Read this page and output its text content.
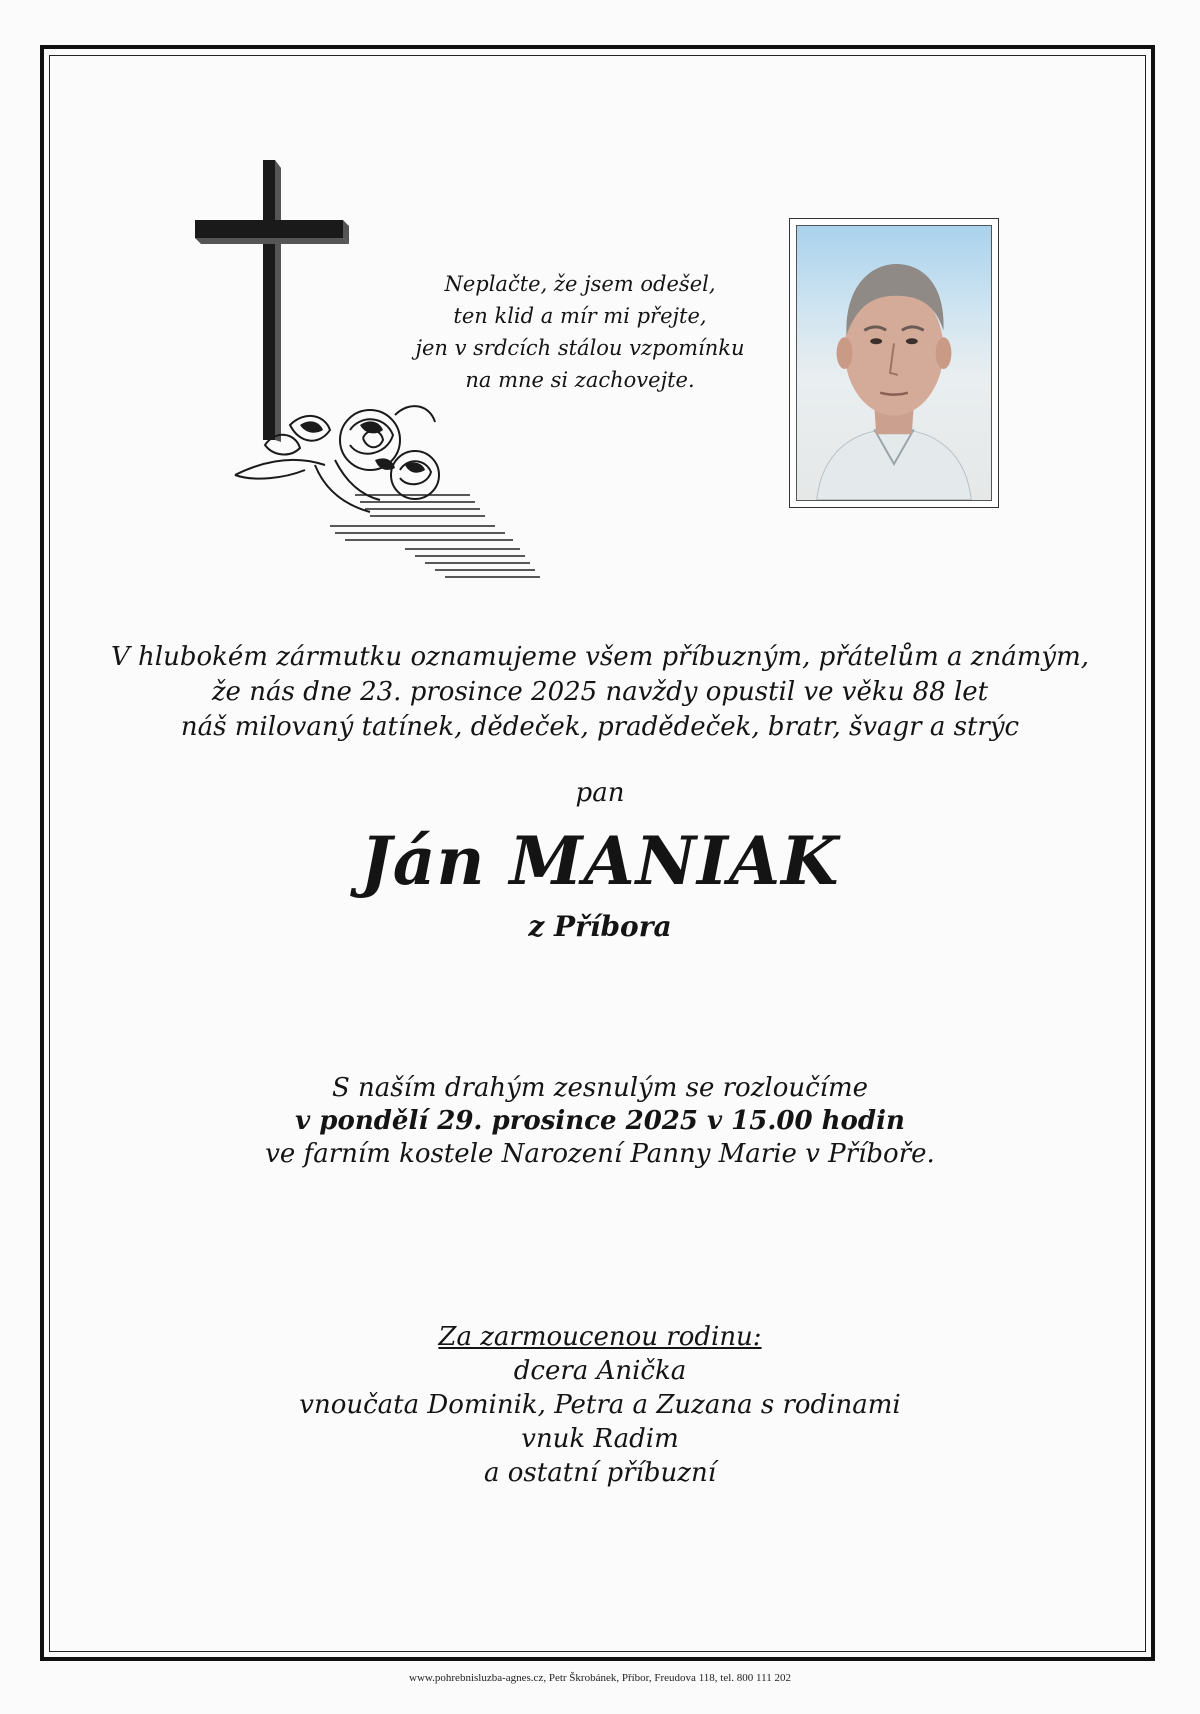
Neplačte, že jsem odešel,
ten klid a mír mi přejte,
jen v srdcích stálou vzpomínku
na mne si zachovejte.
V hlubokém zármutku oznamujeme všem příbuzným, přátelům a známým,
že nás dne 23. prosince 2025 navždy opustil ve věku 88 let
náš milovaný tatínek, dědeček, pradědeček, bratr, švagr a strýc
pan
Ján MANIAK
z Příbora
S naším drahým zesnulým se rozloučíme
v pondělí 29. prosince 2025 v 15.00 hodin
ve farním kostele Narození Panny Marie v Příboře.
Za zarmoucenou rodinu:
dcera Anička
vnoučata Dominik, Petra a Zuzana s rodinami
vnuk Radim
a ostatní příbuzní
www.pohrebnisluzba-agnes.cz, Petr Škrobánek, Příbor, Freudova 118, tel. 800 111 202
